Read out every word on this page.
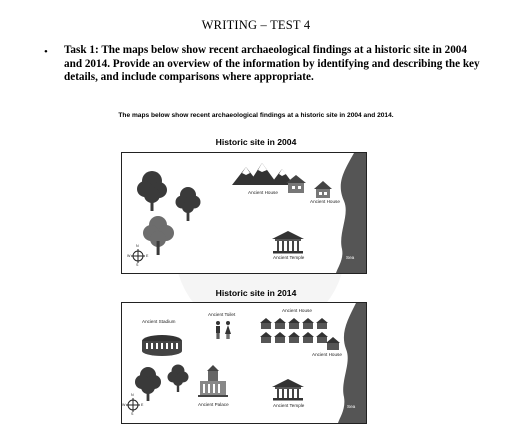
WRITING – TEST 4
• Task 1: The maps below show recent archaeological findings at a historic site in 2004 and 2014. Provide an overview of the information by identifying and describing the key details, and include comparisons where appropriate.
The maps below show recent archaeological findings at a historic site in 2004 and 2014.
Historic site in 2004
Ancient House
Ancient House
Ancient Temple	Sea
N
S
E
W
Historic site in 2014
Ancient Stadium
Ancient Toilet
Ancient House
Ancient House
Ancient Palace	Ancient Temple	Sea
N
S
E
W
